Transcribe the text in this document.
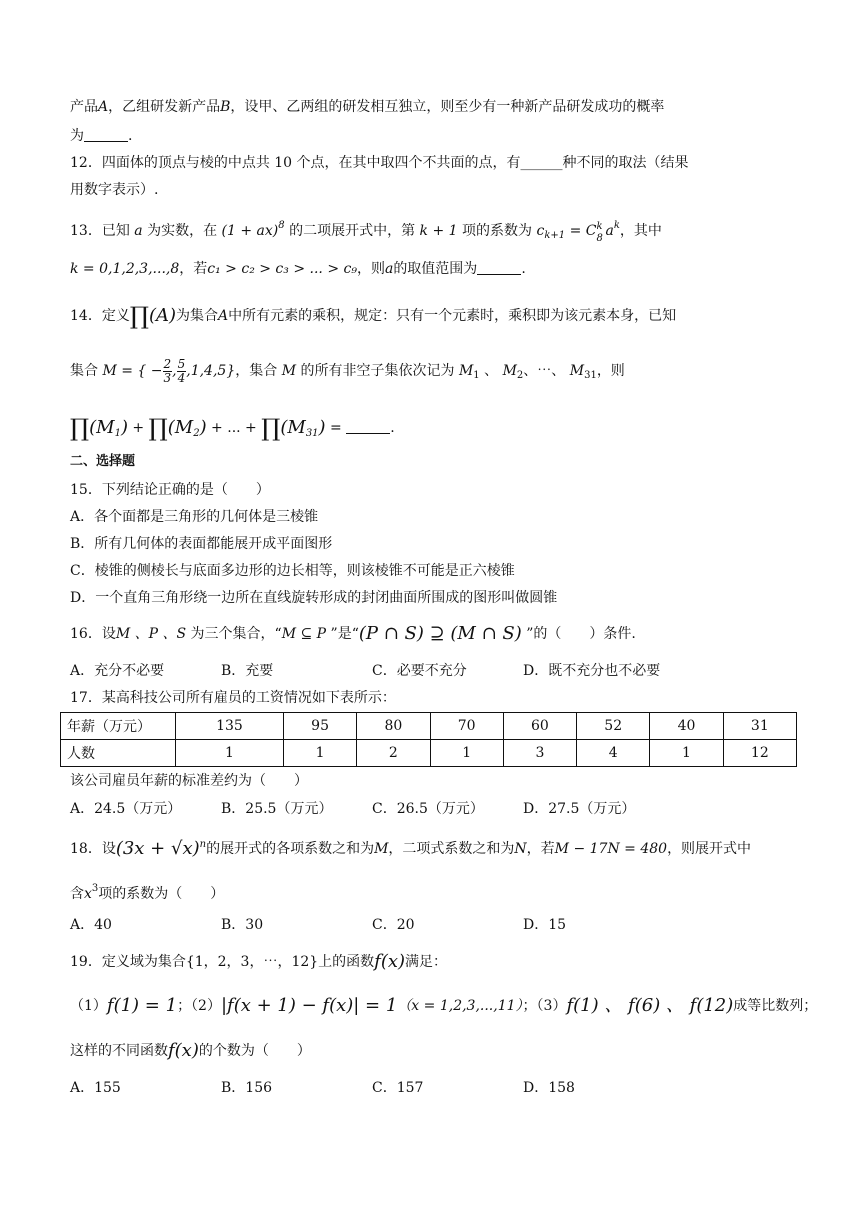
产品A，乙组研发新产品B，设甲、乙两组的研发相互独立，则至少有一种新产品研发成功的概率
为	.
12．四面体的顶点与棱的中点共 10 个点，在其中取四个不共面的点，有______种不同的取法（结果
用数字表示）.
13．已知 a 为实数，在 (1 + ax)$^8$ 的二项展开式中，第 k + 1 项的系数为 $c_{k+1} = C$ k
8 $a^k$，其中
k = 0,1,2,3,...,8，若c₁ > c₂ > c₃ > ... > c₉，则a的取值范围为	.
14．定义∏(A)为集合A中所有元素的乘积，规定：只有一个元素时，乘积即为该元素本身，已知
集合 M = { − $\frac{2}{3}$ , $\frac{5}{4} ,1,4,5$}，集合 M 的所有非空子集依次记为 $M_1$ 、 $M_2$、⋯、 $M_{31}$，则
$\prod(M_1)$ + $\prod(M_2)$ + ... + $\prod(M_{31})$ =	.
二、选择题
15．下列结论正确的是（　　）
A．各个面都是三角形的几何体是三棱锥
B．所有几何体的表面都能展开成平面图形
C．棱锥的侧棱长与底面多边形的边长相等，则该棱锥不可能是正六棱锥
D．一个直角三角形绕一边所在直线旋转形成的封闭曲面所围成的图形叫做圆锥
16．设M 、P 、S 为三个集合，“M ⊆ P ”是“(P ∩ S) ⊇ (M ∩ S) ”的（　　）条件.
A．充分不必要	B．充要	C．必要不充分	D．既不充分也不必要
17．某高科技公司所有雇员的工资情况如下表所示：
年薪（万元）	135	95	80	70	60	52	40	31
人数	1	1	2	1	3	4	1	12
该公司雇员年薪的标准差约为（　　）
A．24.5（万元）	B．25.5（万元）	C．26.5（万元）	D．27.5（万元）
18．设$(3x + √x)^n$的展开式的各项系数之和为M，二项式系数之和为N，若M − 17N = 480，则展开式中
含$x^3$项的系数为（　　）
A．40	B．30	C．20	D．15
19．定义域为集合{1，2，3，⋯，12}上的函数f(x)满足：
（1）f(1) = 1；（2）|f(x + 1) − f(x)| = 1（x = 1,2,3,...,11）；（3）f(1) 、 f(6) 、 f(12)成等比数列；
这样的不同函数f(x)的个数为（　　）
A．155	B．156	C．157	D．158
